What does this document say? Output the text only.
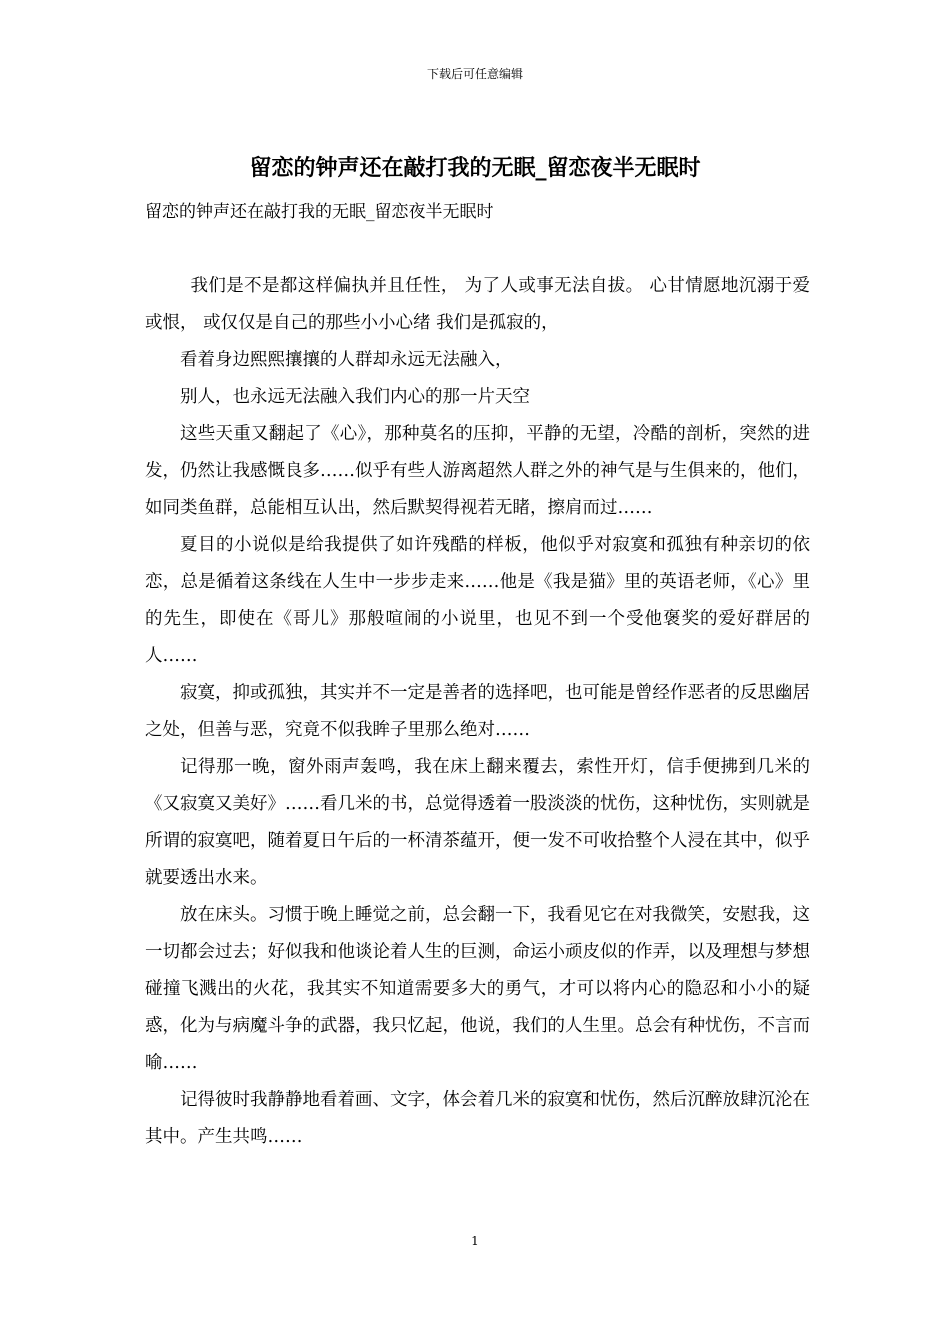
下载后可任意编辑
留恋的钟声还在敲打我的无眠_留恋夜半无眠时
留恋的钟声还在敲打我的无眠_留恋夜半无眠时

我们是不是都这样偏执并且任性， 为了人或事无法自拔。 心甘情愿地沉溺于爱或恨， 或仅仅是自己的那些小小心绪 我们是孤寂的，

看着身边熙熙攘攘的人群却永远无法融入，

别人，也永远无法融入我们内心的那一片天空

这些天重又翻起了《心》，那种莫名的压抑，平静的无望，冷酷的剖析，突然的进发，仍然让我感慨良多……似乎有些人游离超然人群之外的神气是与生俱来的，他们，如同类鱼群，总能相互认出，然后默契得视若无睹，擦肩而过……

夏目的小说似是给我提供了如许残酷的样板，他似乎对寂寞和孤独有种亲切的依恋，总是循着这条线在人生中一步步走来……他是《我是猫》里的英语老师，《心》里的先生，即使在《哥儿》那般喧闹的小说里，也见不到一个受他褒奖的爱好群居的人……

寂寞，抑或孤独，其实并不一定是善者的选择吧，也可能是曾经作恶者的反思幽居之处，但善与恶，究竟不似我眸子里那么绝对……

记得那一晚，窗外雨声轰鸣，我在床上翻来覆去，索性开灯，信手便拂到几米的《又寂寞又美好》……看几米的书，总觉得透着一股淡淡的忧伤，这种忧伤，实则就是所谓的寂寞吧，随着夏日午后的一杯清茶蕴开，便一发不可收拾整个人浸在其中，似乎就要透出水来。

放在床头。习惯于晚上睡觉之前，总会翻一下，我看见它在对我微笑，安慰我，这一切都会过去；好似我和他谈论着人生的巨测，命运小顽皮似的作弄，以及理想与梦想碰撞飞溅出的火花，我其实不知道需要多大的勇气，才可以将内心的隐忍和小小的疑惑，化为与病魔斗争的武器，我只忆起，他说，我们的人生里。总会有种忧伤，不言而喻……

记得彼时我静静地看着画、文字，体会着几米的寂寞和忧伤，然后沉醉放肆沉沦在其中。产生共鸣……

1
